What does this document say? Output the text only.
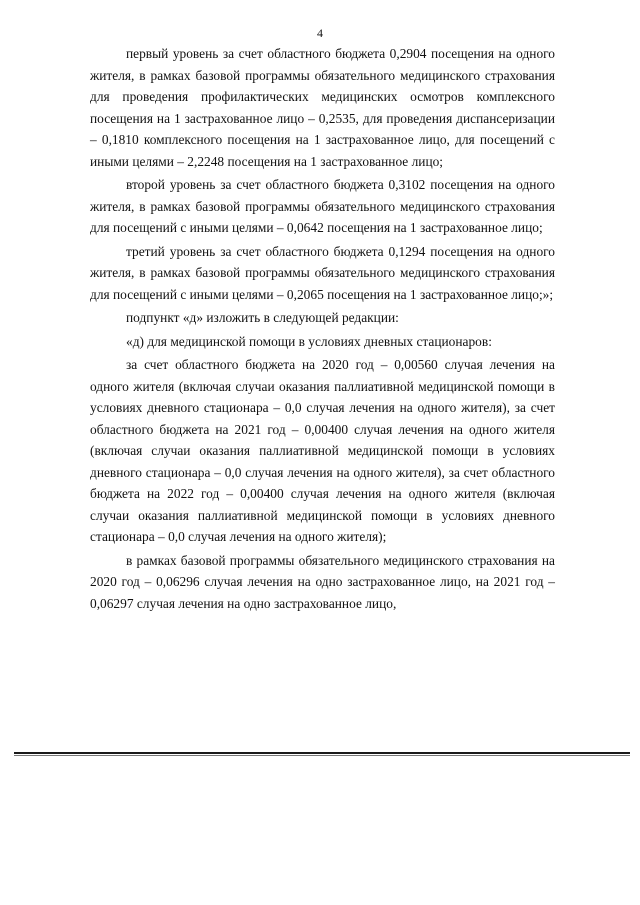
4

первый уровень за счет областного бюджета 0,2904 посещения на одного жителя, в рамках базовой программы обязательного медицинского страхования для проведения профилактических медицинских осмотров комплексного посещения на 1 застрахованное лицо – 0,2535, для проведения диспансеризации – 0,1810 комплексного посещения на 1 застрахованное лицо, для посещений с иными целями – 2,2248 посещения на 1 застрахованное лицо;

второй уровень за счет областного бюджета 0,3102 посещения на одного жителя, в рамках базовой программы обязательного медицинского страхования для посещений с иными целями – 0,0642 посещения на 1 застрахованное лицо;

третий уровень за счет областного бюджета 0,1294 посещения на одного жителя, в рамках базовой программы обязательного медицинского страхования для посещений с иными целями – 0,2065 посещения на 1 застрахованное лицо;»;

подпункт «д» изложить в следующей редакции:

«д) для медицинской помощи в условиях дневных стационаров:

за счет областного бюджета на 2020 год – 0,00560 случая лечения на одного жителя (включая случаи оказания паллиативной медицинской помощи в условиях дневного стационара – 0,0 случая лечения на одного жителя), за счет областного бюджета на 2021 год – 0,00400 случая лечения на одного жителя (включая случаи оказания паллиативной медицинской помощи в условиях дневного стационара – 0,0 случая лечения на одного жителя), за счет областного бюджета на 2022 год – 0,00400 случая лечения на одного жителя (включая случаи оказания паллиативной медицинской помощи в условиях дневного стационара – 0,0 случая лечения на одного жителя);

в рамках базовой программы обязательного медицинского страхования на 2020 год – 0,06296 случая лечения на одно застрахованное лицо, на 2021 год – 0,06297 случая лечения на одно застрахованное лицо,
